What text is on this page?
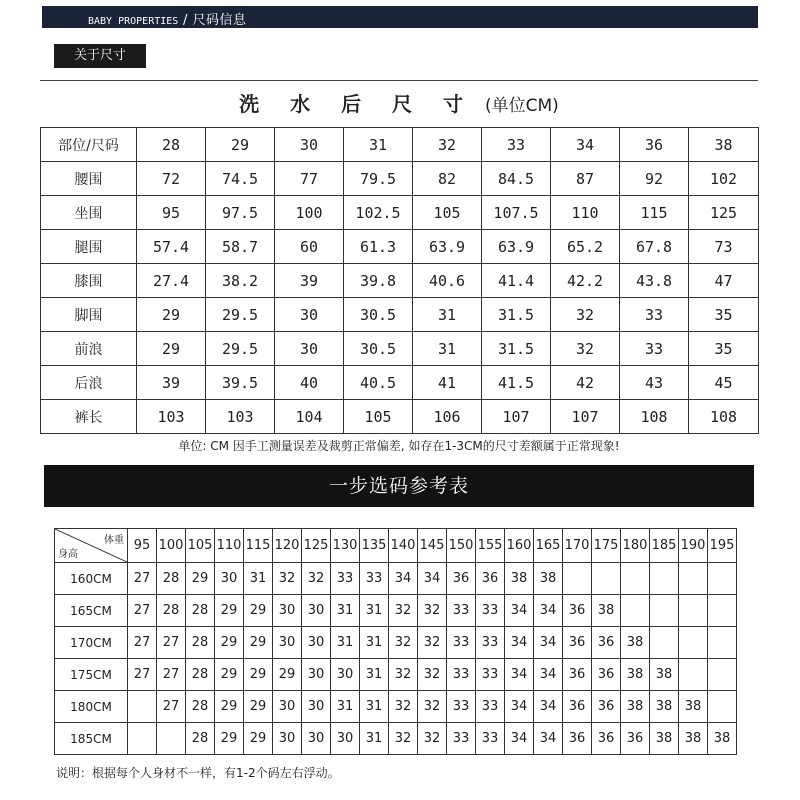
BABY PROPERTIES / 尺码信息
关于尺寸
洗 水 后 尺 寸 (单位CM)
部位/尺码	28	29	30	31	32	33	34	36	38
腰围	72	74.5	77	79.5	82	84.5	87	92	102
坐围	95	97.5	100	102.5	105	107.5	110	115	125
腿围	57.4	58.7	60	61.3	63.9	63.9	65.2	67.8	73
膝围	27.4	38.2	39	39.8	40.6	41.4	42.2	43.8	47
脚围	29	29.5	30	30.5	31	31.5	32	33	35
前浪	29	29.5	30	30.5	31	31.5	32	33	35
后浪	39	39.5	40	40.5	41	41.5	42	43	45
裤长	103	103	104	105	106	107	107	108	108
单位: CM 因手工测量误差及裁剪正常偏差, 如存在1-3CM的尺寸差额属于正常现象!
一步选码参考表
体重
身高	95	100	105	110	115	120	125	130	135	140	145	150	155	160	165	170	175	180	185	190	195
160CM	27	28	29	30	31	32	32	33	33	34	34	36	36	38	38						
165CM	27	28	28	29	29	30	30	31	31	32	32	33	33	34	34	36	38				
170CM	27	27	28	29	29	30	30	31	31	32	32	33	33	34	34	36	36	38			
175CM	27	27	28	29	29	29	30	30	31	32	32	33	33	34	34	36	36	38	38		
180CM		27	28	29	29	30	30	31	31	32	32	33	33	34	34	36	36	38	38	38	
185CM			28	29	29	30	30	30	31	32	32	33	33	34	34	36	36	36	38	38	38
说明：根据每个人身材不一样，有1-2个码左右浮动。
